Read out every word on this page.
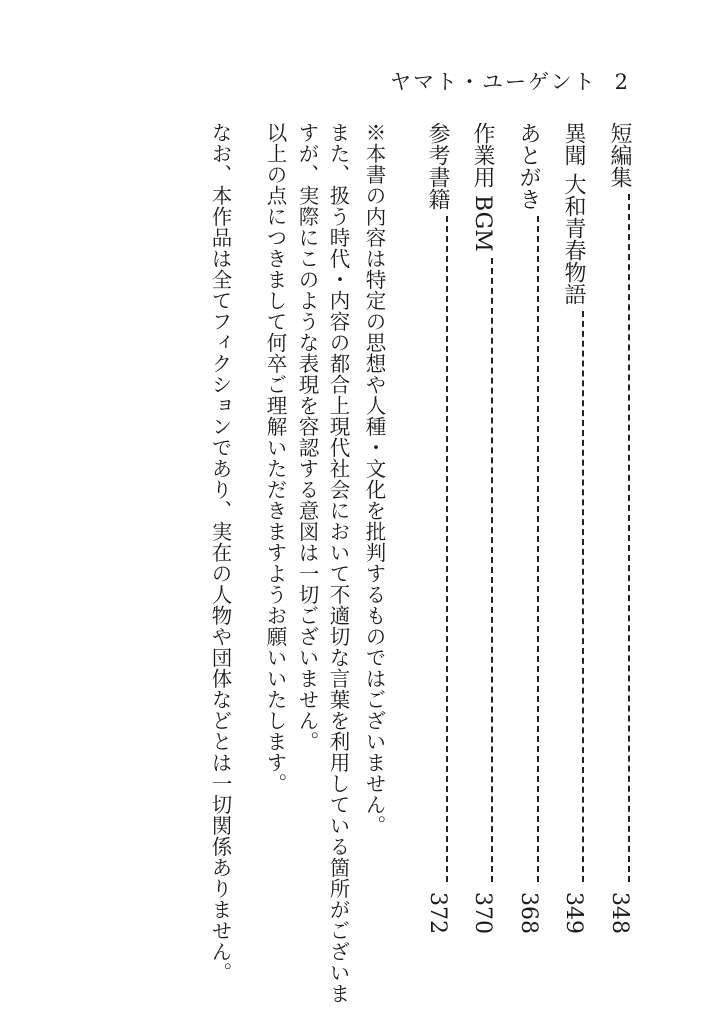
ヤマト・ユーゲント 2
短編集
348
異聞 大和青春物語
349
あとがき
368
作業用 BGM
370
参考書籍
372
※本書の内容は特定の思想や人種・文化を批判するものではございません。
また、扱う時代・内容の都合上現代社会において不適切な言葉を利用している箇所がございま
すが、実際にこのような表現を容認する意図は一切ございません。
以上の点につきまして何卒ご理解いただきますようお願いいたします。
なお、本作品は全てフィクションであり、実在の人物や団体などとは一切関係ありません。
